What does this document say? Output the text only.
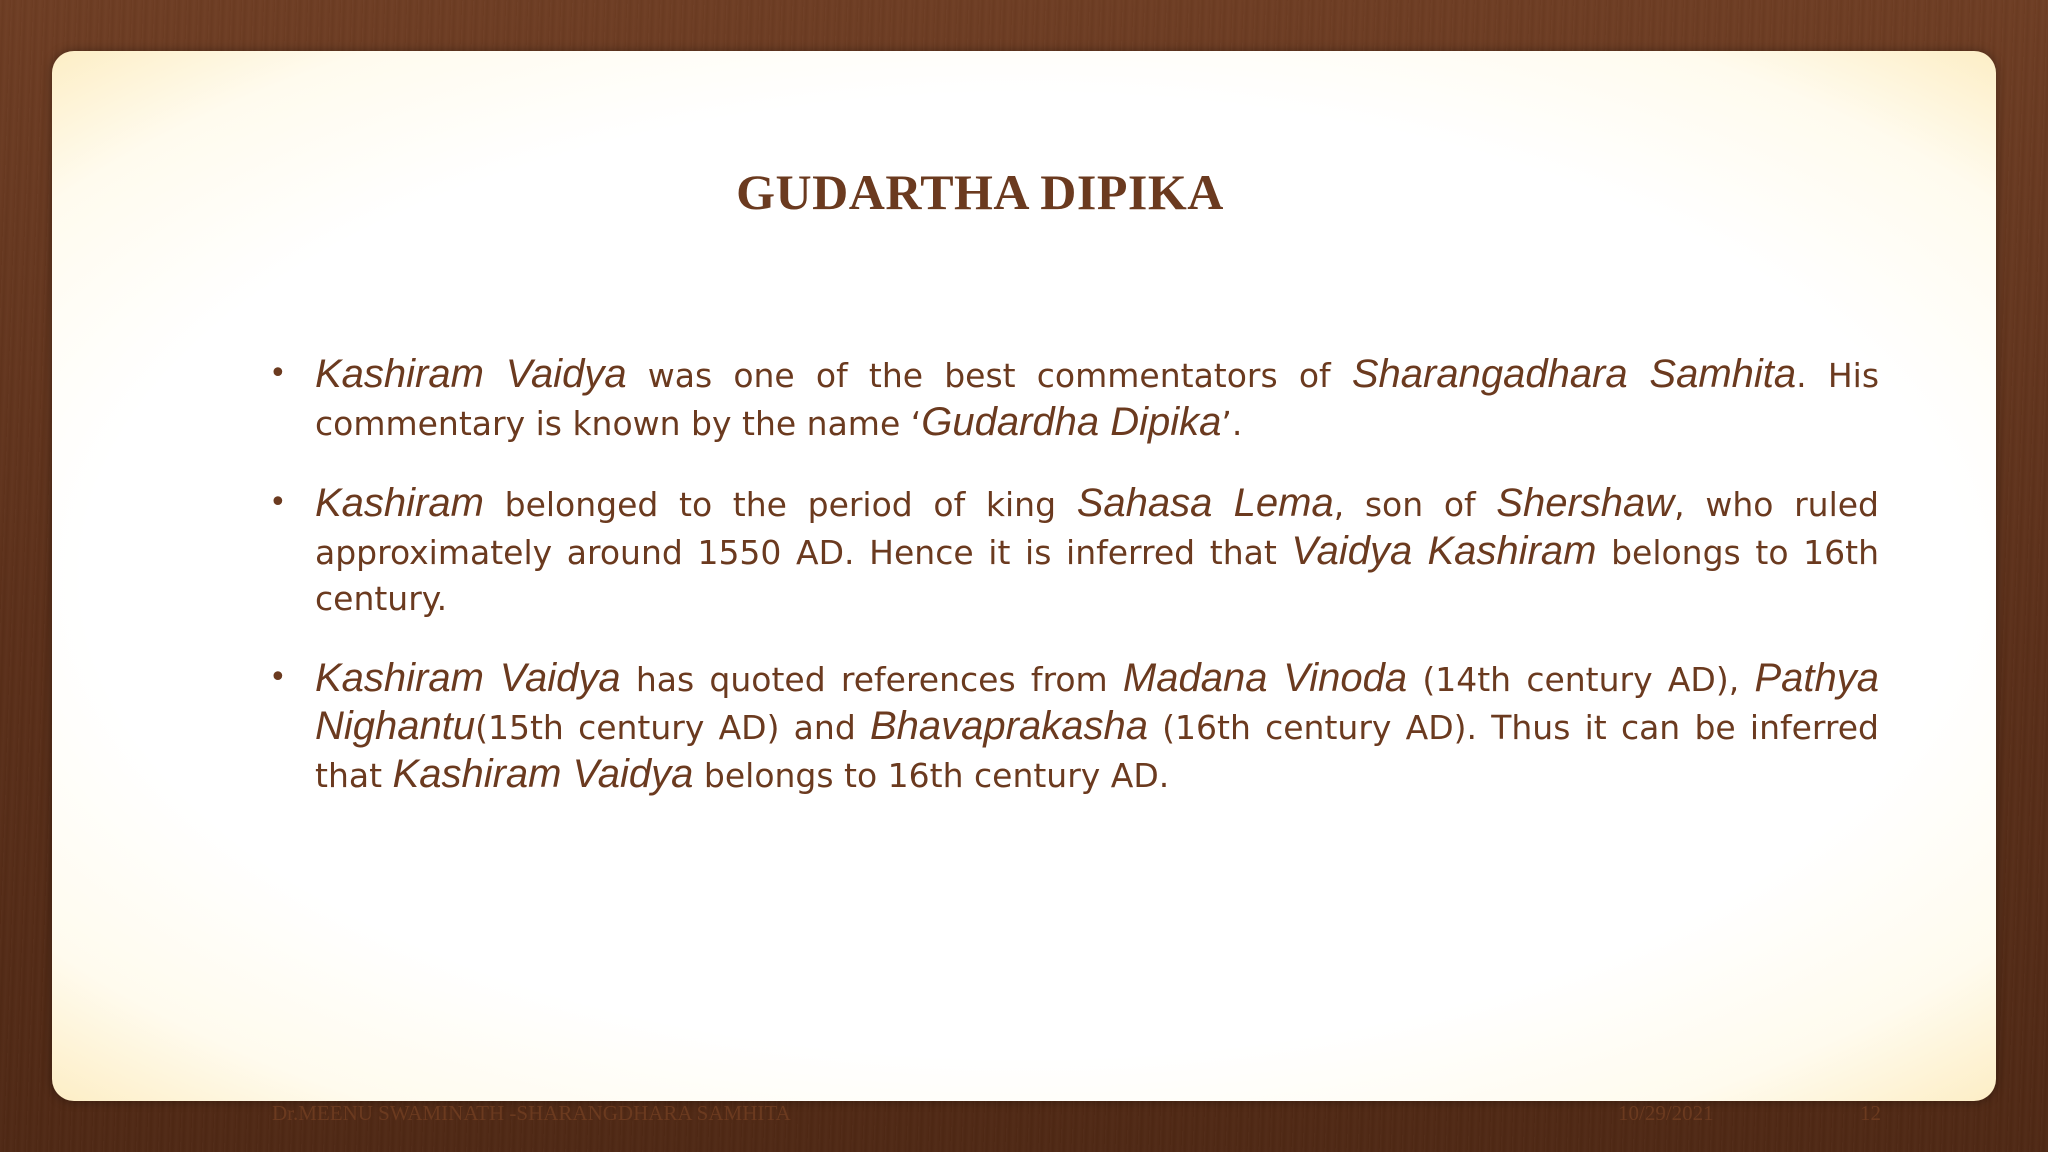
GUDARTHA DIPIKA
• Kashiram Vaidya was one of the best commentators of Sharangadhara Samhita. His commentary is known by the name ‘Gudardha Dipika’.
• Kashiram belonged to the period of king Sahasa Lema, son of Shershaw, who ruled approximately around 1550 AD. Hence it is inferred that Vaidya Kashiram belongs to 16th century.
• Kashiram Vaidya has quoted references from Madana Vinoda (14th century AD), Pathya Nighantu(15th century AD) and Bhavaprakasha (16th century AD). Thus it can be inferred that Kashiram Vaidya belongs to 16th century AD.

Dr.MEENU SWAMINATH -SHARANGDHARA SAMHITA	10/29/2021	12
